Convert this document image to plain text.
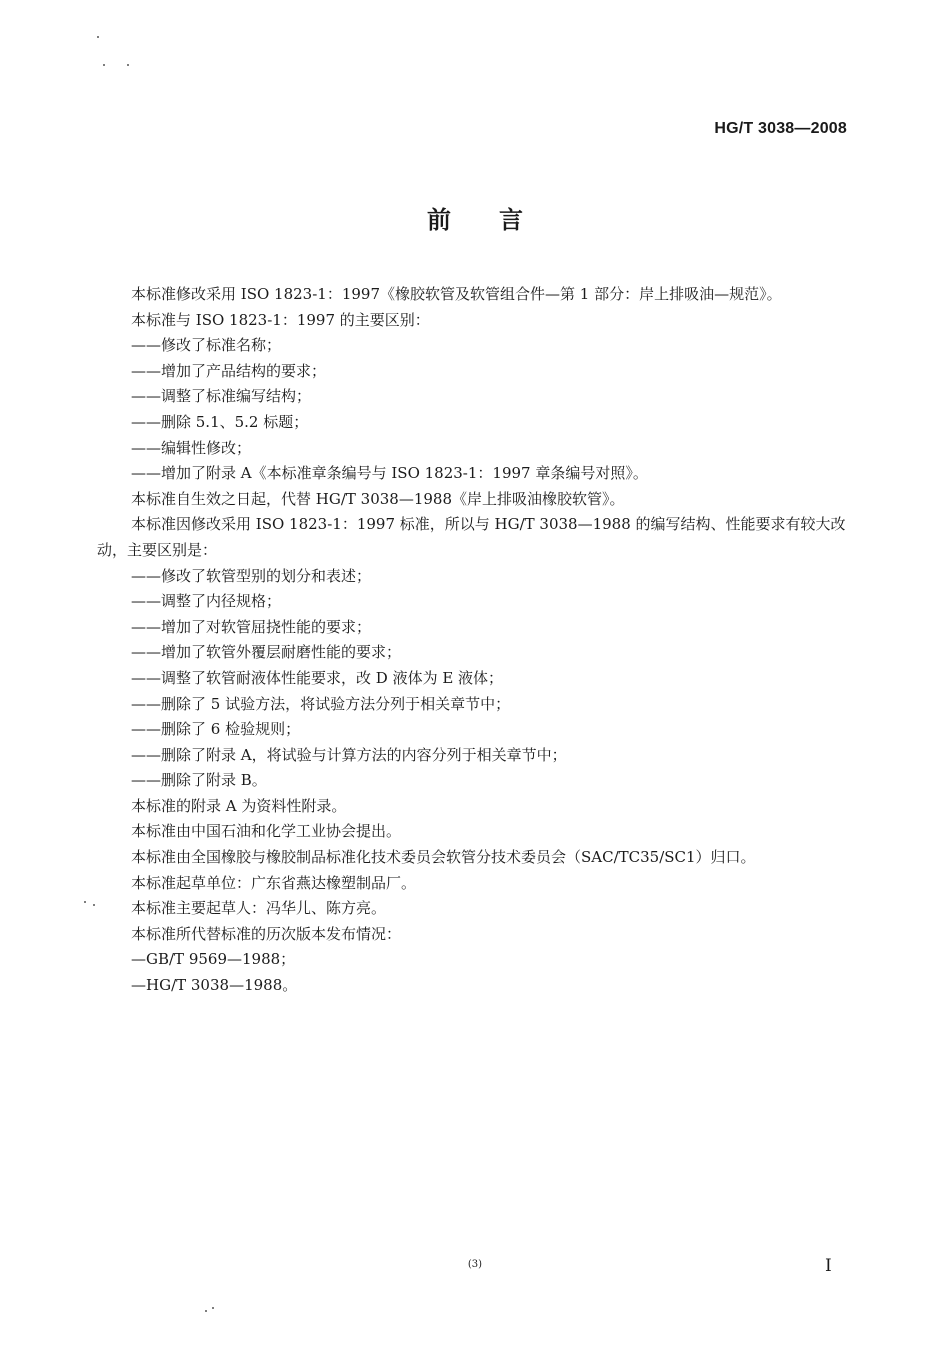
HG/T 3038—2008
前言

本标准修改采用 ISO 1823-1：1997《橡胶软管及软管组合件—第 1 部分：岸上排吸油—规范》。

本标准与 ISO 1823-1：1997 的主要区别：

——修改了标准名称；

——增加了产品结构的要求；

——调整了标准编写结构；

——删除 5.1、5.2 标题；

——编辑性修改；

——增加了附录 A《本标准章条编号与 ISO 1823-1：1997 章条编号对照》。

本标准自生效之日起，代替 HG/T 3038—1988《岸上排吸油橡胶软管》。

本标准因修改采用 ISO 1823-1：1997 标准，所以与 HG/T 3038—1988 的编写结构、性能要求有较大改动，主要区别是：

——修改了软管型别的划分和表述；

——调整了内径规格；

——增加了对软管屈挠性能的要求；

——增加了软管外覆层耐磨性能的要求；

——调整了软管耐液体性能要求，改 D 液体为 E 液体；

——删除了 5 试验方法，将试验方法分列于相关章节中；

——删除了 6 检验规则；

——删除了附录 A，将试验与计算方法的内容分列于相关章节中；

——删除了附录 B。

本标准的附录 A 为资料性附录。

本标准由中国石油和化学工业协会提出。

本标准由全国橡胶与橡胶制品标准化技术委员会软管分技术委员会（SAC/TC35/SC1）归口。

本标准起草单位：广东省燕达橡塑制品厂。

本标准主要起草人：冯华儿、陈方亮。

本标准所代替标准的历次版本发布情况：

—GB/T 9569—1988；

—HG/T 3038—1988。

(3)	I
